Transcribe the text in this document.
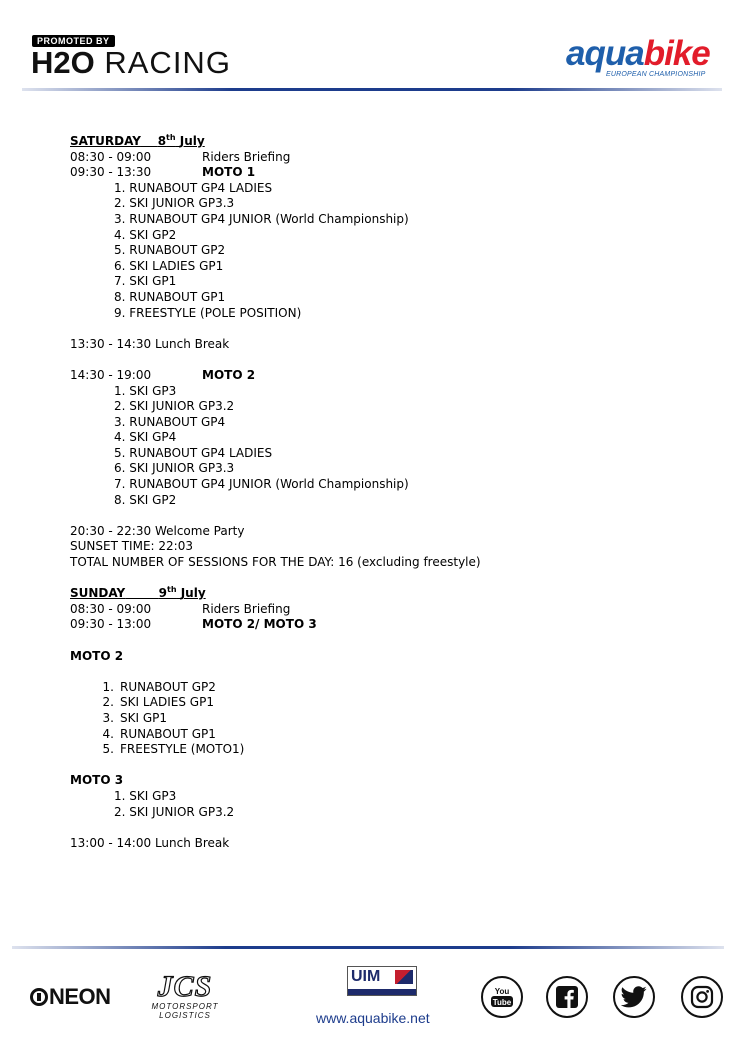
PROMOTED BY
H2O RACING	aquabike
EUROPEAN CHAMPIONSHIP
SATURDAY 8th July
08:30 - 09:00	Riders Briefing
09:30 - 13:30	MOTO 1
1. RUNABOUT GP4 LADIES
2. SKI JUNIOR GP3.3
3. RUNABOUT GP4 JUNIOR (World Championship)
4. SKI GP2
5. RUNABOUT GP2
6. SKI LADIES GP1
7. SKI GP1
8. RUNABOUT GP1
9. FREESTYLE (POLE POSITION)
13:30 - 14:30 Lunch Break
14:30 - 19:00	MOTO 2
1. SKI GP3
2. SKI JUNIOR GP3.2
3. RUNABOUT GP4
4. SKI GP4
5. RUNABOUT GP4 LADIES
6. SKI JUNIOR GP3.3
7. RUNABOUT GP4 JUNIOR (World Championship)
8. SKI GP2
20:30 - 22:30 Welcome Party
SUNSET TIME: 22:03
TOTAL NUMBER OF SESSIONS FOR THE DAY: 16 (excluding freestyle)
SUNDAY	9th July
08:30 - 09:00	Riders Briefing
09:30 - 13:00	MOTO 2/ MOTO 3
MOTO 2
1. RUNABOUT GP2
2. SKI LADIES GP1
3. SKI GP1
4. RUNABOUT GP1
5. FREESTYLE (MOTO1)
MOTO 3
1. SKI GP3
2. SKI JUNIOR GP3.2
13:00 - 14:00 Lunch Break
NEON	JCS
MOTORSPORT
LOGISTICS
UIM
www.aquabike.net
You
Tube
